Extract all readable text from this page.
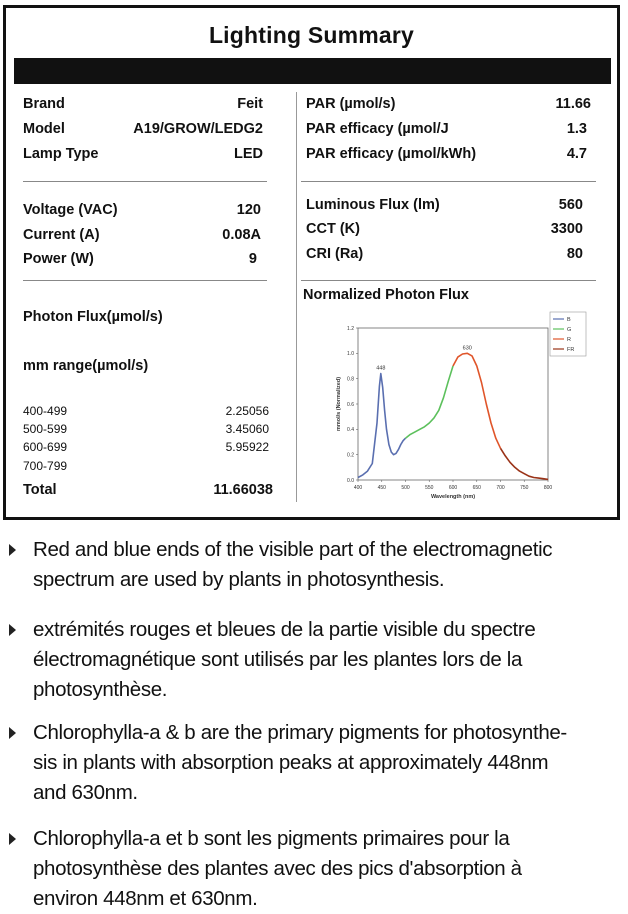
Lighting Summary
Brand	Feit
Model	A19/GROW/LEDG2
Lamp Type	LED
Voltage (VAC)	120
Current (A)	0.08A
Power (W)	9
Photon Flux(µmol/s)
mm range(µmol/s)
400-499	2.25056
500-599	3.45060
600-699	5.95922
700-799
Total	11.66038
PAR (µmol/s)	11.66
PAR efficacy (µmol/J	1.3
PAR efficacy (µmol/kWh)	4.7
Luminous Flux (lm)	560
CCT (K)	3300
CRI (Ra)	80
Normalized Photon Flux
400	450	500	550	600	650	700	750	800
0.0
0.2
0.4
0.6
0.8
1.0
1.2
Wavelength (nm)
mmol/s (Normalized)
448
630
B
G
R
FR
Red and blue ends of the visible part of the electromagnetic
spectrum are used by plants in photosynthesis.
extrémités rouges et bleues de la partie visible du spectre
électromagnétique sont utilisés par les plantes lors de la
photosynthèse.
Chlorophylla-a & b are the primary pigments for photosynthe-
sis in plants with absorption peaks at approximately 448nm
and 630nm.
Chlorophylla-a et b sont les pigments primaires pour la
photosynthèse des plantes avec des pics d'absorption à
environ 448nm et 630nm.
